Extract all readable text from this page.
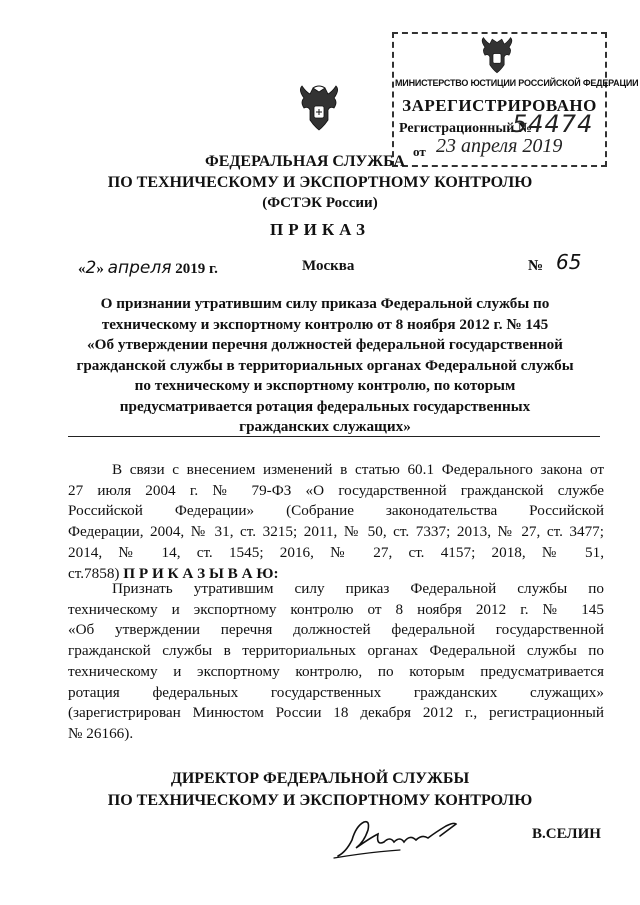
МИНИСТЕРСТВО ЮСТИЦИИ РОССИЙСКОЙ ФЕДЕРАЦИИ
ЗАРЕГИСТРИРОВАНО
Регистрационный №
54474
от 23 апреля 2019
ФЕДЕРАЛЬНАЯ СЛУЖБА
ПО ТЕХНИЧЕСКОМУ И ЭКСПОРТНОМУ КОНТРОЛЮ
(ФСТЭК России)
ПРИКАЗ
«2» апреля 2019 г.	Москва	№ 65
О признании утратившим силу приказа Федеральной службы по
техническому и экспортному контролю от 8 ноября 2012 г. № 145
«Об утверждении перечня должностей федеральной государственной
гражданской службы в территориальных органах Федеральной службы
по техническому и экспортному контролю, по которым
предусматривается ротация федеральных государственных
гражданских служащих»
В связи с внесением изменений в статью 60.1 Федерального закона от
27 июля 2004 г. № 79-ФЗ «О государственной гражданской службе
Российской Федерации» (Собрание законодательства Российской
Федерации, 2004, № 31, ст. 3215; 2011, № 50, ст. 7337; 2013, № 27, ст. 3477;
2014, № 14, ст. 1545; 2016, № 27, ст. 4157; 2018, № 51,
ст.7858) П Р И К А З Ы В А Ю:
Признать утратившим силу приказ Федеральной службы по
техническому и экспортному контролю от 8 ноября 2012 г. № 145
«Об утверждении перечня должностей федеральной государственной
гражданской службы в территориальных органах Федеральной службы по
техническому и экспортному контролю, по которым предусматривается
ротация федеральных государственных гражданских служащих»
(зарегистрирован Минюстом России 18 декабря 2012 г., регистрационный
№ 26166).
ДИРЕКТОР ФЕДЕРАЛЬНОЙ СЛУЖБЫ
ПО ТЕХНИЧЕСКОМУ И ЭКСПОРТНОМУ КОНТРОЛЮ
В.СЕЛИН
